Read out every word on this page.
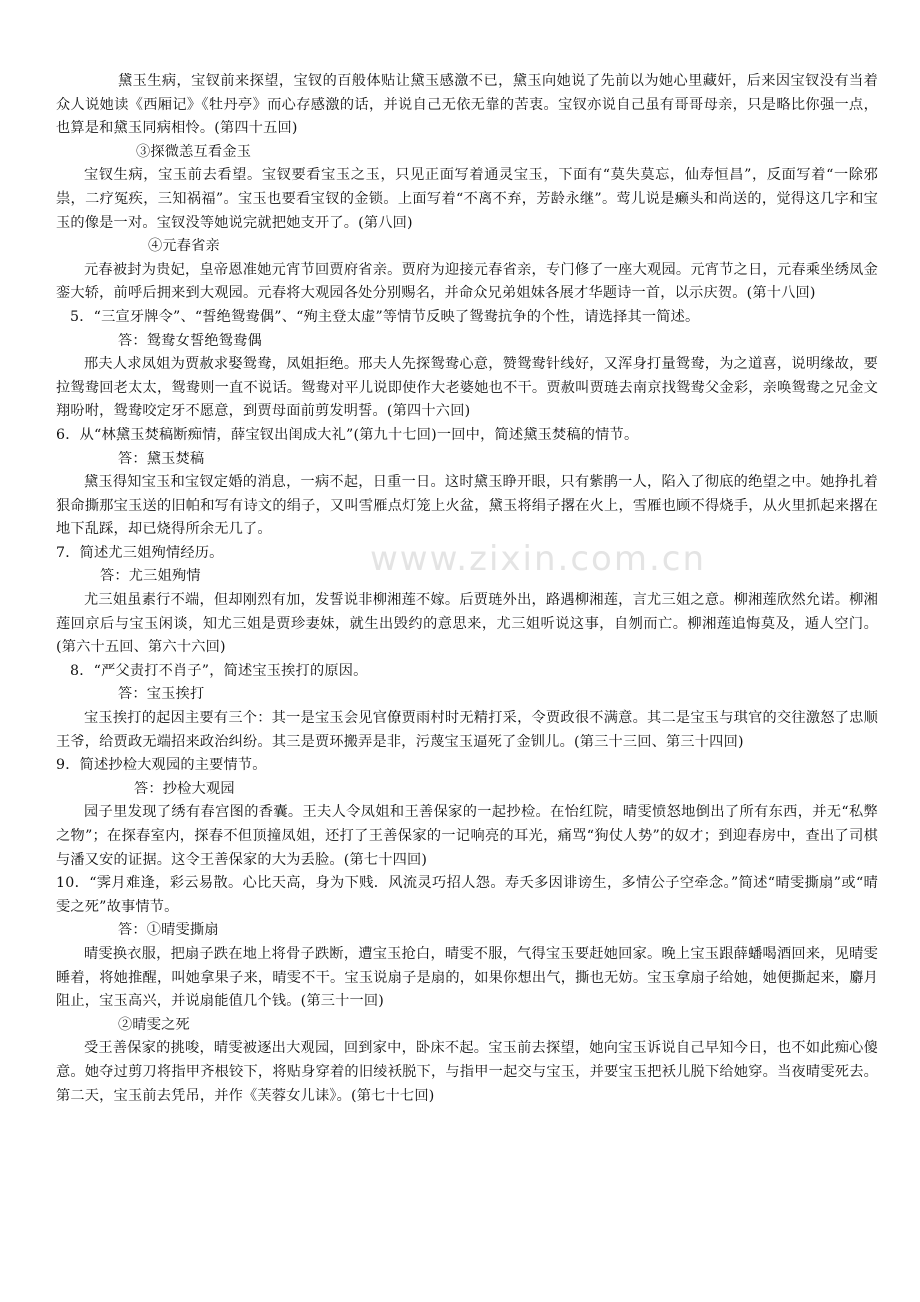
www.zixin.com.cn

黛玉生病，宝钗前来探望，宝钗的百般体贴让黛玉感激不已，黛玉向她说了先前以为她心里藏奸，后来因宝钗没有当着众人说她读《西厢记》《牡丹亭》而心存感激的话，并说自己无依无靠的苦衷。宝钗亦说自己虽有哥哥母亲，只是略比你强一点，也算是和黛玉同病相怜。(第四十五回)

③探微恙互看金玉

宝钗生病，宝玉前去看望。宝钗要看宝玉之玉，只见正面写着通灵宝玉，下面有“莫失莫忘，仙寿恒昌”，反面写着“一除邪祟，二疗冤疾，三知祸福”。宝玉也要看宝钗的金锁。上面写着“不离不弃，芳龄永继”。莺儿说是癞头和尚送的，觉得这几字和宝玉的像是一对。宝钗没等她说完就把她支开了。(第八回)

④元春省亲

元春被封为贵妃，皇帝恩准她元宵节回贾府省亲。贾府为迎接元春省亲，专门修了一座大观园。元宵节之日，元春乘坐绣凤金銮大轿，前呼后拥来到大观园。元春将大观园各处分别赐名，并命众兄弟姐妹各展才华题诗一首，以示庆贺。(第十八回)

5．“三宣牙牌令”、“誓绝鸳鸯偶”、“殉主登太虚”等情节反映了鸳鸯抗争的个性，请选择其一简述。

答：鸳鸯女誓绝鸳鸯偶

邢夫人求凤姐为贾赦求娶鸳鸯，凤姐拒绝。邢夫人先探鸳鸯心意，赞鸳鸯针线好，又浑身打量鸳鸯，为之道喜，说明缘故，要拉鸳鸯回老太太，鸳鸯则一直不说话。鸳鸯对平儿说即使作大老婆她也不干。贾赦叫贾琏去南京找鸳鸯父金彩，亲唤鸳鸯之兄金文翔吩咐，鸳鸯咬定牙不愿意，到贾母面前剪发明誓。(第四十六回)

6．从“林黛玉焚稿断痴情，薛宝钗出闺成大礼”(第九十七回)一回中，简述黛玉焚稿的情节。

答：黛玉焚稿

黛玉得知宝玉和宝钗定婚的消息，一病不起，日重一日。这时黛玉睁开眼，只有紫鹃一人，陷入了彻底的绝望之中。她挣扎着狠命撕那宝玉送的旧帕和写有诗文的绢子，又叫雪雁点灯笼上火盆，黛玉将绢子撂在火上，雪雁也顾不得烧手，从火里抓起来撂在地下乱踩，却已烧得所余无几了。

7．简述尤三姐殉情经历。

答：尤三姐殉情

尤三姐虽素行不端，但却刚烈有加，发誓说非柳湘莲不嫁。后贾琏外出，路遇柳湘莲，言尤三姐之意。柳湘莲欣然允诺。柳湘莲回京后与宝玉闲谈，知尤三姐是贾珍妻妹，就生出毁约的意思来，尤三姐听说这事，自刎而亡。柳湘莲追悔莫及，遁人空门。(第六十五回、第六十六回)

8．“严父责打不肖子”，简述宝玉挨打的原因。

答：宝玉挨打

宝玉挨打的起因主要有三个：其一是宝玉会见官僚贾雨村时无精打采，令贾政很不满意。其二是宝玉与琪官的交往激怒了忠顺王爷，给贾政无端招来政治纠纷。其三是贾环搬弄是非，污蔑宝玉逼死了金钏儿。(第三十三回、第三十四回)

9．简述抄检大观园的主要情节。

答：抄检大观园

园子里发现了绣有春宫图的香囊。王夫人令凤姐和王善保家的一起抄检。在怡红院，晴雯愤怒地倒出了所有东西，并无“私弊之物”；在探春室内，探春不但顶撞凤姐，还打了王善保家的一记响亮的耳光，痛骂“狗仗人势”的奴才；到迎春房中，查出了司棋与潘又安的证据。这令王善保家的大为丢脸。(第七十四回)

10．“霁月难逢，彩云易散。心比天高，身为下贱．风流灵巧招人怨。寿夭多因诽谤生，多情公子空牵念。”简述“晴雯撕扇”或“晴雯之死”故事情节。

答：①晴雯撕扇

晴雯换衣服，把扇子跌在地上将骨子跌断，遭宝玉抢白，晴雯不服，气得宝玉要赶她回家。晚上宝玉跟薛蟠喝酒回来，见晴雯睡着，将她推醒，叫她拿果子来，晴雯不干。宝玉说扇子是扇的，如果你想出气，撕也无妨。宝玉拿扇子给她，她便撕起来，麝月阻止，宝玉高兴，并说扇能值几个钱。(第三十一回)

②晴雯之死

受王善保家的挑唆，晴雯被逐出大观园，回到家中，卧床不起。宝玉前去探望，她向宝玉诉说自己早知今日，也不如此痴心傻意。她夺过剪刀将指甲齐根铰下，将贴身穿着的旧绫袄脱下，与指甲一起交与宝玉，并要宝玉把袄儿脱下给她穿。当夜晴雯死去。第二天，宝玉前去凭吊，并作《芙蓉女儿诔》。(第七十七回)
